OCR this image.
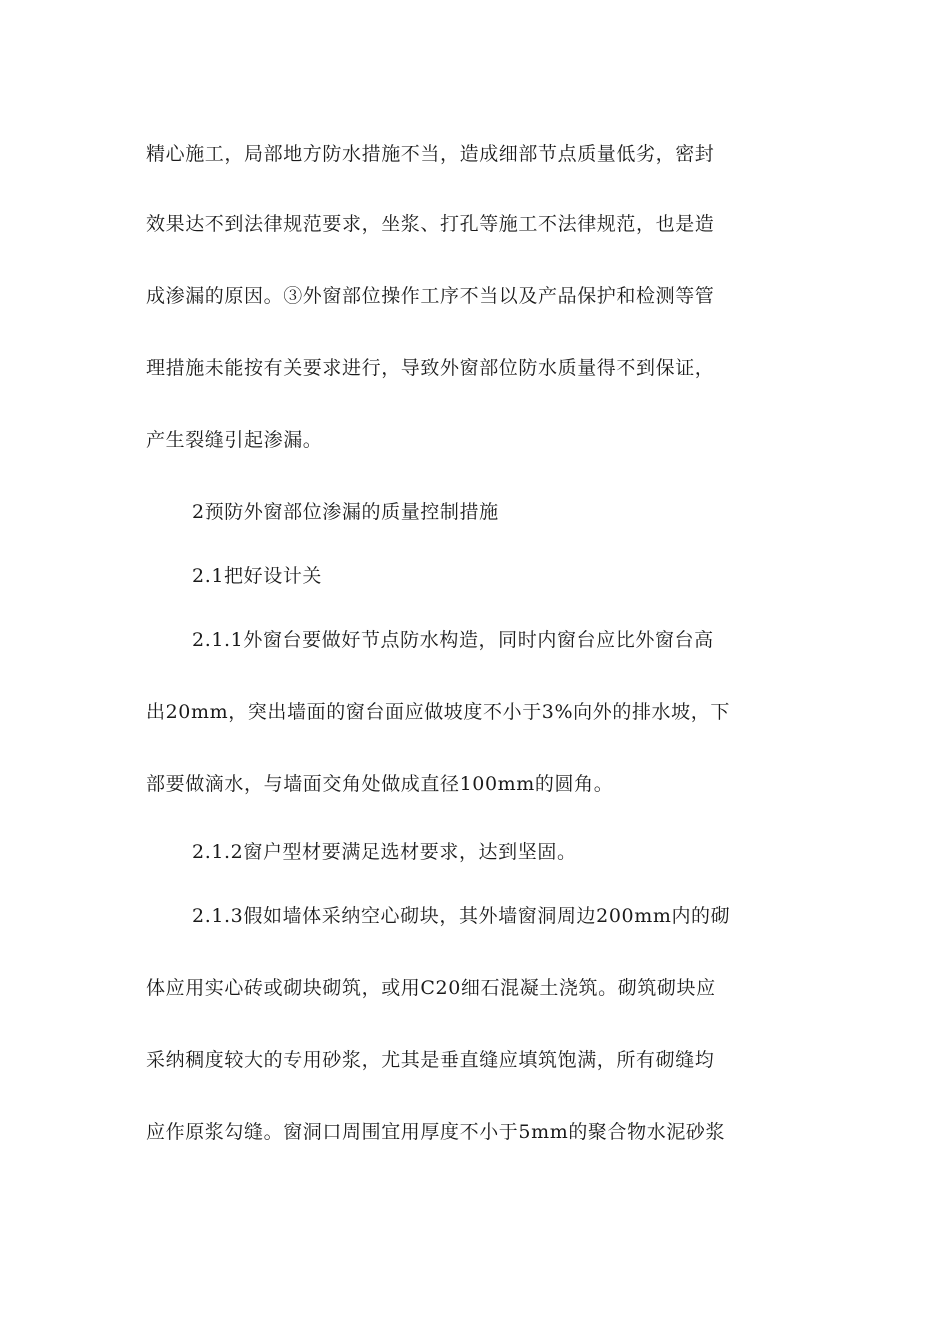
精心施工，局部地方防水措施不当，造成细部节点质量低劣，密封
效果达不到法律规范要求，坐浆、打孔等施工不法律规范，也是造
成渗漏的原因。③外窗部位操作工序不当以及产品保护和检测等管
理措施未能按有关要求进行，导致外窗部位防水质量得不到保证，
产生裂缝引起渗漏。
2预防外窗部位渗漏的质量控制措施
2.1把好设计关
2.1.1外窗台要做好节点防水构造，同时内窗台应比外窗台高
出20mm，突出墙面的窗台面应做坡度不小于3%向外的排水坡，下
部要做滴水，与墙面交角处做成直径100mm的圆角。
2.1.2窗户型材要满足选材要求，达到坚固。
2.1.3假如墙体采纳空心砌块，其外墙窗洞周边200mm内的砌
体应用实心砖或砌块砌筑，或用C20细石混凝土浇筑。砌筑砌块应
采纳稠度较大的专用砂浆，尤其是垂直缝应填筑饱满，所有砌缝均
应作原浆勾缝。窗洞口周围宜用厚度不小于5mm的聚合物水泥砂浆
